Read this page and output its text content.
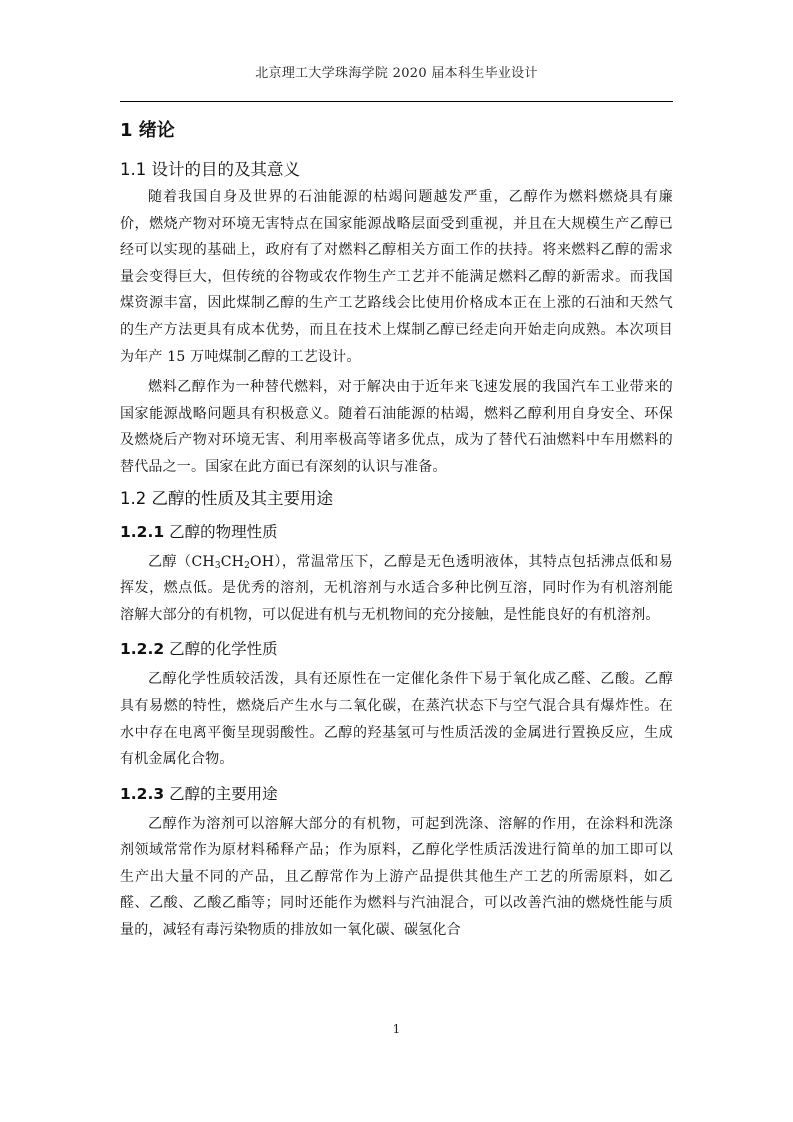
北京理工大学珠海学院 2020 届本科生毕业设计
1 绪论
1.1 设计的目的及其意义

随着我国自身及世界的石油能源的枯竭问题越发严重，乙醇作为燃料燃烧具有廉价，燃烧产物对环境无害特点在国家能源战略层面受到重视，并且在大规模生产乙醇已经可以实现的基础上，政府有了对燃料乙醇相关方面工作的扶持。将来燃料乙醇的需求量会变得巨大，但传统的谷物或农作物生产工艺并不能满足燃料乙醇的新需求。而我国煤资源丰富，因此煤制乙醇的生产工艺路线会比使用价格成本正在上涨的石油和天然气的生产方法更具有成本优势，而且在技术上煤制乙醇已经走向开始走向成熟。本次项目为年产 15 万吨煤制乙醇的工艺设计。

燃料乙醇作为一种替代燃料，对于解决由于近年来飞速发展的我国汽车工业带来的国家能源战略问题具有积极意义。随着石油能源的枯竭，燃料乙醇利用自身安全、环保及燃烧后产物对环境无害、利用率极高等诸多优点，成为了替代石油燃料中车用燃料的替代品之一。国家在此方面已有深刻的认识与准备。

1.2 乙醇的性质及其主要用途
1.2.1 乙醇的物理性质

乙醇$(CH_3CH_2OH)$，常温常压下，乙醇是无色透明液体，其特点包括沸点低和易挥发，燃点低。是优秀的溶剂，无机溶剂与水适合多种比例互溶，同时作为有机溶剂能溶解大部分的有机物，可以促进有机与无机物间的充分接触，是性能良好的有机溶剂。

1.2.2 乙醇的化学性质

乙醇化学性质较活泼，具有还原性在一定催化条件下易于氧化成乙醛、乙酸。乙醇具有易燃的特性，燃烧后产生水与二氧化碳，在蒸汽状态下与空气混合具有爆炸性。在水中存在电离平衡呈现弱酸性。乙醇的羟基氢可与性质活泼的金属进行置换反应，生成有机金属化合物。

1.2.3 乙醇的主要用途

乙醇作为溶剂可以溶解大部分的有机物，可起到洗涤、溶解的作用，在涂料和洗涤剂领域常常作为原材料稀释产品；作为原料，乙醇化学性质活泼进行简单的加工即可以生产出大量不同的产品，且乙醇常作为上游产品提供其他生产工艺的所需原料，如乙醛、乙酸、乙酸乙酯等；同时还能作为燃料与汽油混合，可以改善汽油的燃烧性能与质量的，减轻有毒污染物质的排放如一氧化碳、碳氢化合

1
